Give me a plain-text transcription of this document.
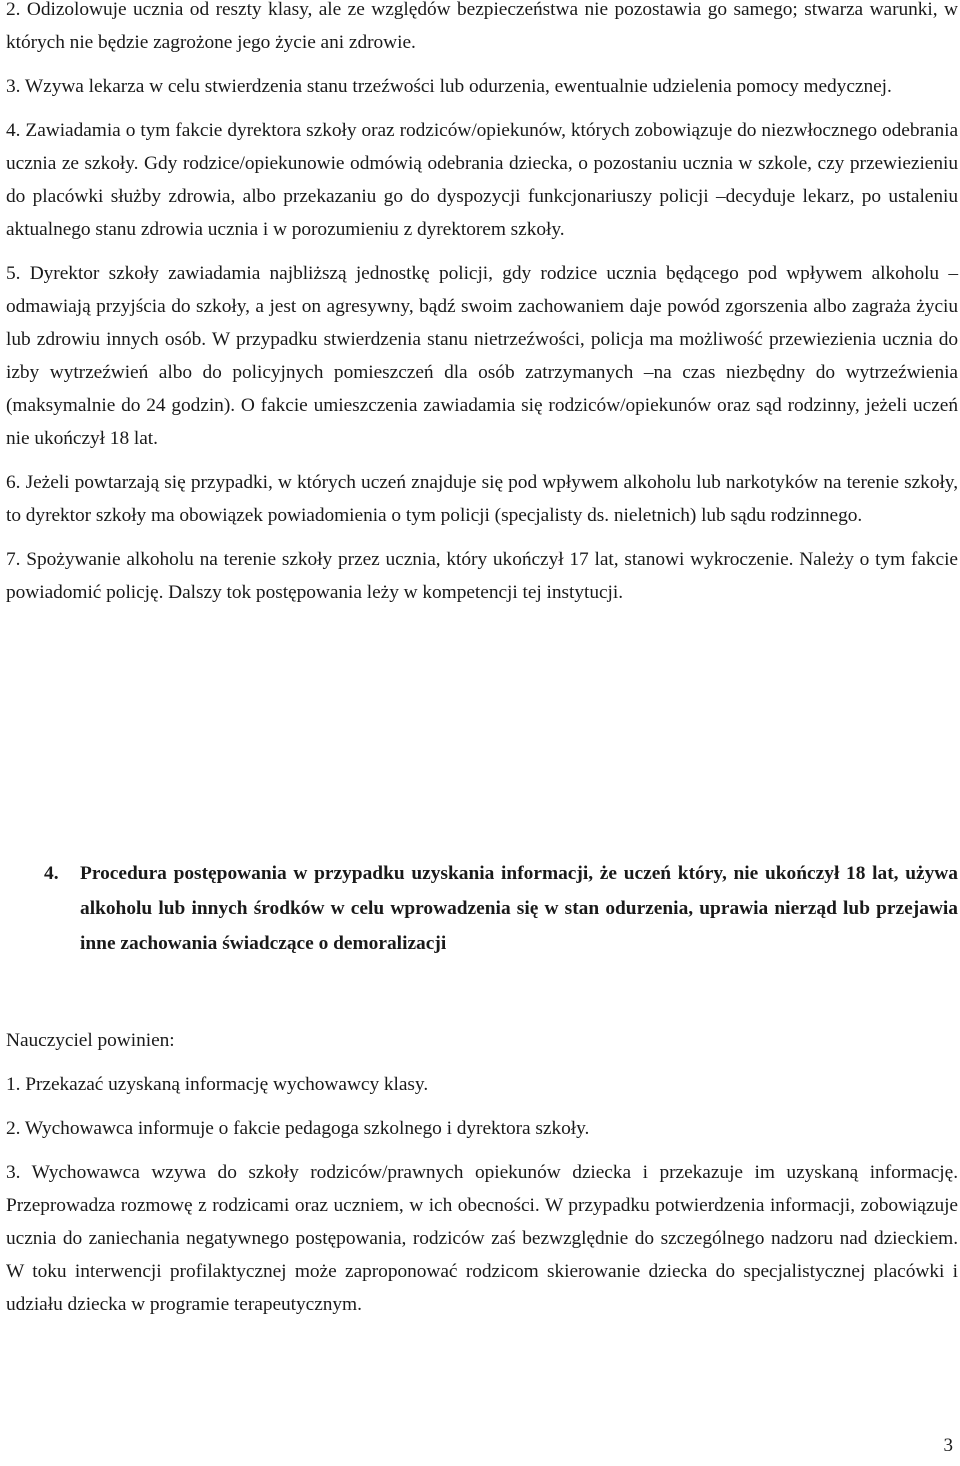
2. Odizolowuje ucznia od reszty klasy, ale ze względów bezpieczeństwa nie pozostawia go samego; stwarza warunki, w których nie będzie zagrożone jego życie ani zdrowie.

3. Wzywa lekarza w celu stwierdzenia stanu trzeźwości lub odurzenia, ewentualnie udzielenia pomocy medycznej.

4. Zawiadamia o tym fakcie dyrektora szkoły oraz rodziców/opiekunów, których zobowiązuje do niezwłocznego odebrania ucznia ze szkoły. Gdy rodzice/opiekunowie odmówią odebrania dziecka, o pozostaniu ucznia w szkole, czy przewiezieniu do placówki służby zdrowia, albo przekazaniu go do dyspozycji funkcjonariuszy policji –decyduje lekarz, po ustaleniu aktualnego stanu zdrowia ucznia i w porozumieniu z dyrektorem szkoły.

5. Dyrektor szkoły zawiadamia najbliższą jednostkę policji, gdy rodzice ucznia będącego pod wpływem alkoholu –odmawiają przyjścia do szkoły, a jest on agresywny, bądź swoim zachowaniem daje powód zgorszenia albo zagraża życiu lub zdrowiu innych osób. W przypadku stwierdzenia stanu nietrzeźwości, policja ma możliwość przewiezienia ucznia do izby wytrzeźwień albo do policyjnych pomieszczeń dla osób zatrzymanych –na czas niezbędny do wytrzeźwienia (maksymalnie do 24 godzin). O fakcie umieszczenia zawiadamia się rodziców/opiekunów oraz sąd rodzinny, jeżeli uczeń nie ukończył 18 lat.

6. Jeżeli powtarzają się przypadki, w których uczeń znajduje się pod wpływem alkoholu lub narkotyków na terenie szkoły, to dyrektor szkoły ma obowiązek powiadomienia o tym policji (specjalisty ds. nieletnich) lub sądu rodzinnego.

7. Spożywanie alkoholu na terenie szkoły przez ucznia, który ukończył 17 lat, stanowi wykroczenie. Należy o tym fakcie powiadomić policję. Dalszy tok postępowania leży w kompetencji tej instytucji.

4. Procedura postępowania w przypadku uzyskania informacji, że uczeń który, nie ukończył 18 lat, używa alkoholu lub innych środków w celu wprowadzenia się w stan odurzenia, uprawia nierząd lub przejawia inne zachowania świadczące o demoralizacji

Nauczyciel powinien:

1. Przekazać uzyskaną informację wychowawcy klasy.

2. Wychowawca informuje o fakcie pedagoga szkolnego i dyrektora szkoły.

3. Wychowawca wzywa do szkoły rodziców/prawnych opiekunów dziecka i przekazuje im uzyskaną informację. Przeprowadza rozmowę z rodzicami oraz uczniem, w ich obecności. W przypadku potwierdzenia informacji, zobowiązuje ucznia do zaniechania negatywnego postępowania, rodziców zaś bezwzględnie do szczególnego nadzoru nad dzieckiem. W toku interwencji profilaktycznej może zaproponować rodzicom skierowanie dziecka do specjalistycznej placówki i udziału dziecka w programie terapeutycznym.

3
